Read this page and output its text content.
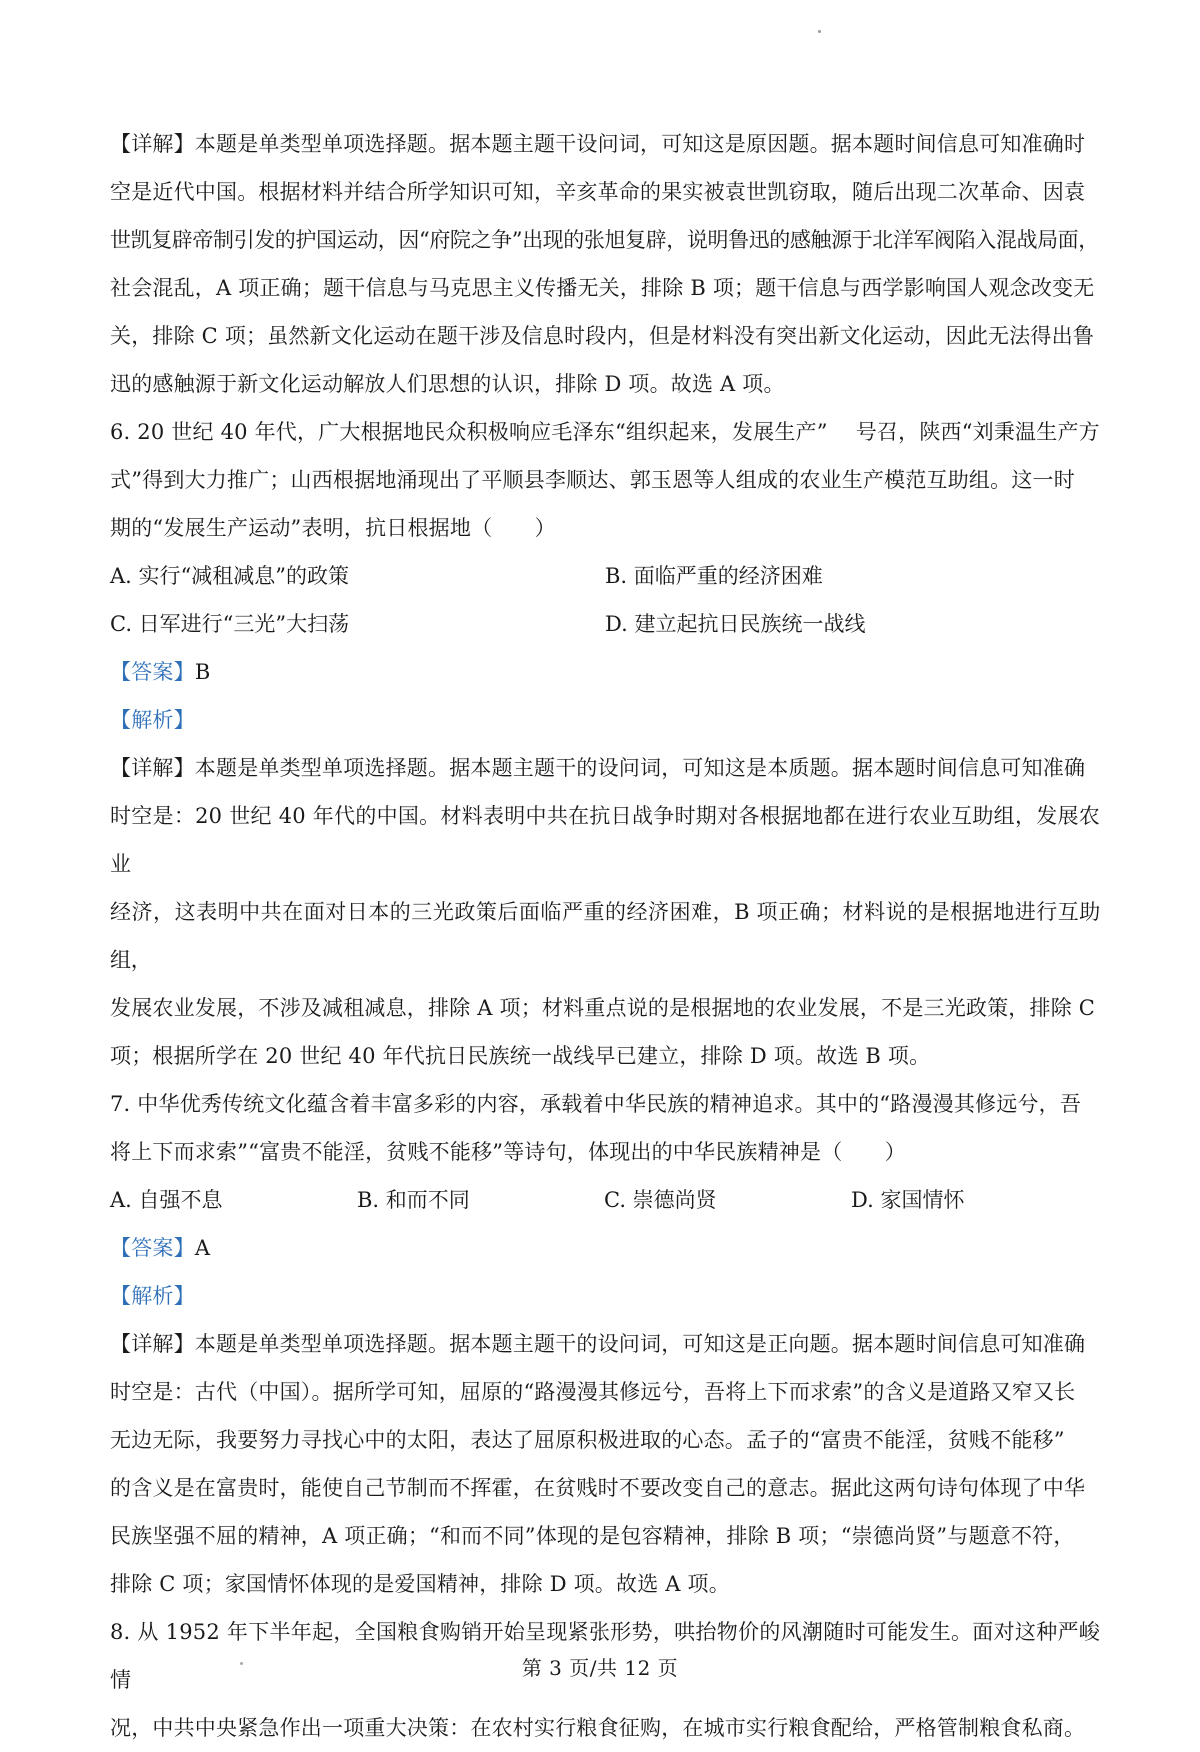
【详解】本题是单类型单项选择题。据本题主题干设问词，可知这是原因题。据本题时间信息可知准确时

空是近代中国。根据材料并结合所学知识可知，辛亥革命的果实被袁世凯窃取，随后出现二次革命、因袁

世凯复辟帝制引发的护国运动，因“府院之争”出现的张旭复辟，说明鲁迅的感触源于北洋军阀陷入混战局面，

社会混乱，A 项正确；题干信息与马克思主义传播无关，排除 B 项；题干信息与西学影响国人观念改变无

关，排除 C 项；虽然新文化运动在题干涉及信息时段内，但是材料没有突出新文化运动，因此无法得出鲁

迅的感触源于新文化运动解放人们思想的认识，排除 D 项。故选 A 项。

6. 20 世纪 40 年代，广大根据地民众积极响应毛泽东“组织起来，发展生产”　 号召，陕西“刘秉温生产方

式”得到大力推广；山西根据地涌现出了平顺县李顺达、郭玉恩等人组成的农业生产模范互助组。这一时

期的“发展生产运动”表明，抗日根据地（　　）

A. 实行“减租减息”的政策	B. 面临严重的经济困难
C. 日军进行“三光”大扫荡	D. 建立起抗日民族统一战线

【答案】B

【解析】

【详解】本题是单类型单项选择题。据本题主题干的设问词，可知这是本质题。据本题时间信息可知准确

时空是：20 世纪 40 年代的中国。材料表明中共在抗日战争时期对各根据地都在进行农业互助组，发展农业

经济，这表明中共在面对日本的三光政策后面临严重的经济困难，B 项正确；材料说的是根据地进行互助组，

发展农业发展，不涉及减租减息，排除 A 项；材料重点说的是根据地的农业发展，不是三光政策，排除 C

项；根据所学在 20 世纪 40 年代抗日民族统一战线早已建立，排除 D 项。故选 B 项。

7. 中华优秀传统文化蕴含着丰富多彩的内容，承载着中华民族的精神追求。其中的“路漫漫其修远兮，吾

将上下而求索”“富贵不能淫，贫贱不能移”等诗句，体现出的中华民族精神是（　　）

A. 自强不息	B. 和而不同	C. 崇德尚贤	D. 家国情怀

【答案】A

【解析】

【详解】本题是单类型单项选择题。据本题主题干的设问词，可知这是正向题。据本题时间信息可知准确

时空是：古代（中国）。据所学可知，屈原的“路漫漫其修远兮，吾将上下而求索”的含义是道路又窄又长

无边无际，我要努力寻找心中的太阳，表达了屈原积极进取的心态。孟子的“富贵不能淫，贫贱不能移”

的含义是在富贵时，能使自己节制而不挥霍，在贫贱时不要改变自己的意志。据此这两句诗句体现了中华

民族坚强不屈的精神，A 项正确；“和而不同”体现的是包容精神，排除 B 项；“崇德尚贤”与题意不符，

排除 C 项；家国情怀体现的是爱国精神，排除 D 项。故选 A 项。

8. 从 1952 年下半年起，全国粮食购销开始呈现紧张形势，哄抬物价的风潮随时可能发生。面对这种严峻情

况，中共中央紧急作出一项重大决策：在农村实行粮食征购，在城市实行粮食配给，严格管制粮食私商。

第 3 页/共 12 页
